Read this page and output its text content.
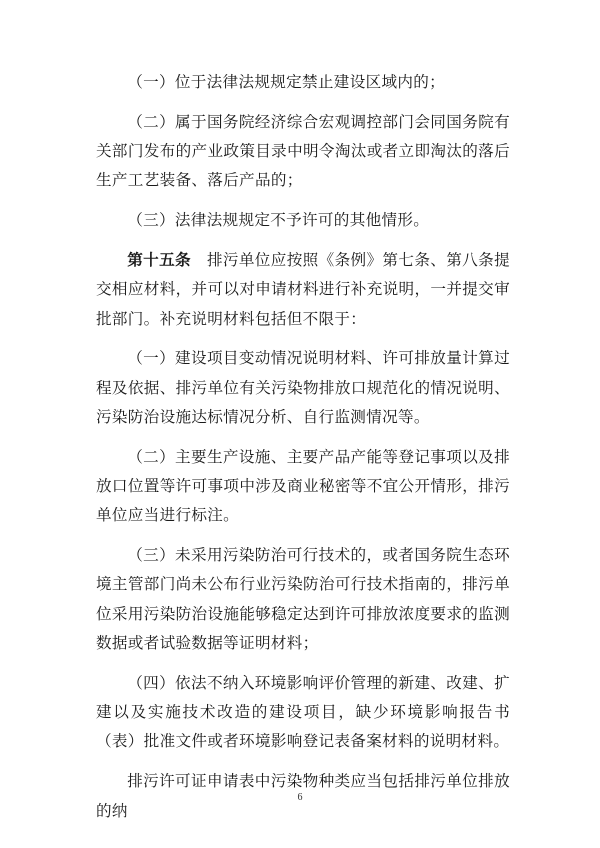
（一）位于法律法规规定禁止建设区域内的；

（二）属于国务院经济综合宏观调控部门会同国务院有关部门发布的产业政策目录中明令淘汰或者立即淘汰的落后生产工艺装备、落后产品的；

（三）法律法规规定不予许可的其他情形。

第十五条　排污单位应按照《条例》第七条、第八条提交相应材料，并可以对申请材料进行补充说明，一并提交审批部门。补充说明材料包括但不限于：

（一）建设项目变动情况说明材料、许可排放量计算过程及依据、排污单位有关污染物排放口规范化的情况说明、污染防治设施达标情况分析、自行监测情况等。

（二）主要生产设施、主要产品产能等登记事项以及排放口位置等许可事项中涉及商业秘密等不宜公开情形，排污单位应当进行标注。

（三）未采用污染防治可行技术的，或者国务院生态环境主管部门尚未公布行业污染防治可行技术指南的，排污单位采用污染防治设施能够稳定达到许可排放浓度要求的监测数据或者试验数据等证明材料；

（四）依法不纳入环境影响评价管理的新建、改建、扩建以及实施技术改造的建设项目，缺少环境影响报告书（表）批准文件或者环境影响登记表备案材料的说明材料。

排污许可证申请表中污染物种类应当包括排污单位排放的纳

6
